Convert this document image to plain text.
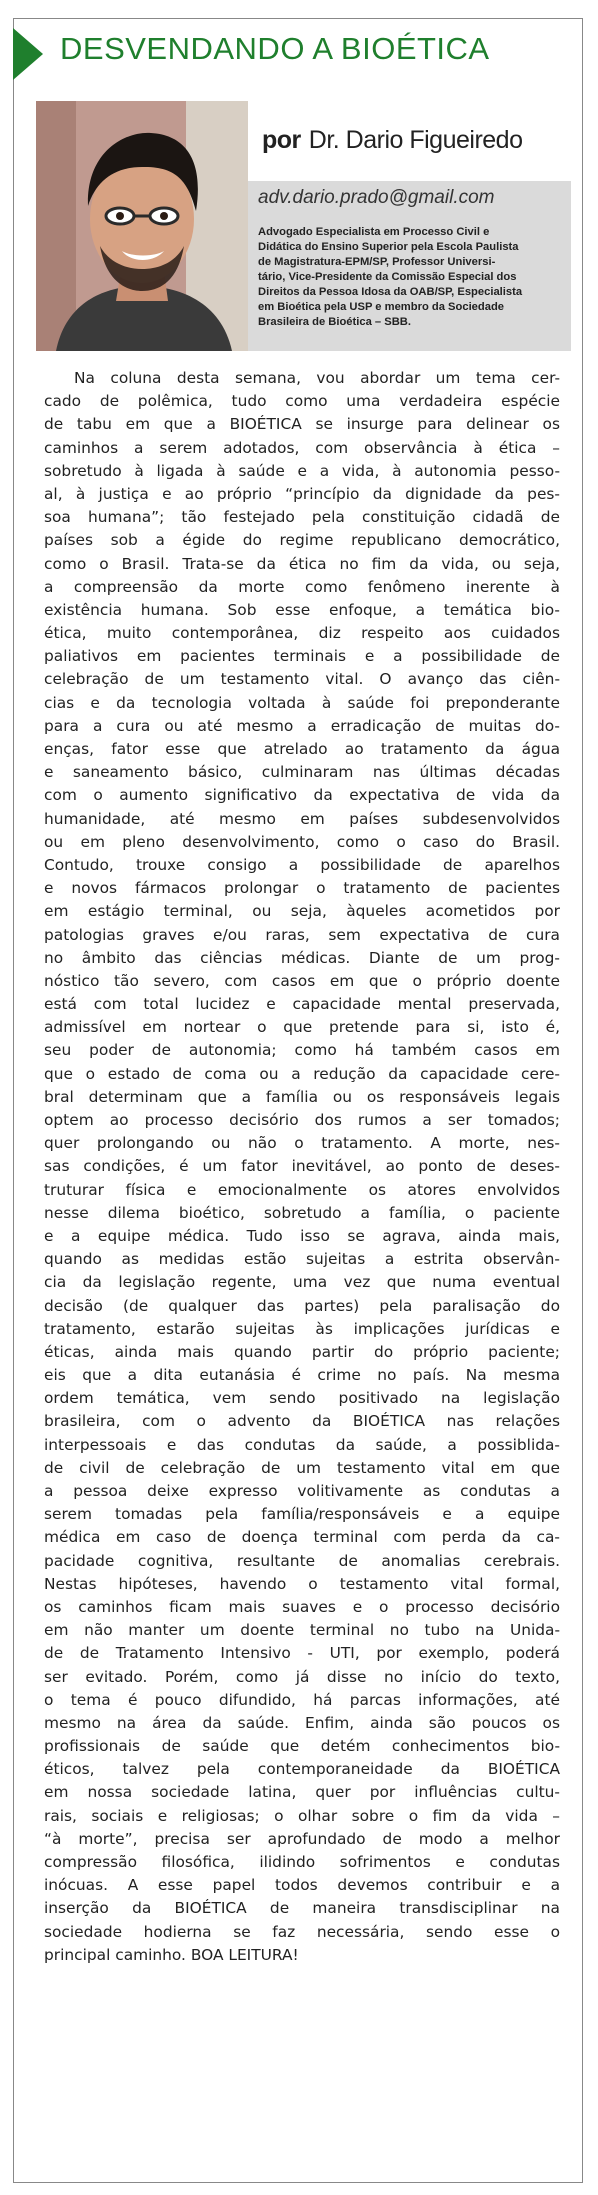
DESVENDANDO A BIOÉTICA
por Dr. Dario Figueiredo
adv.dario.prado@gmail.com

Advogado Especialista em Processo Civil e
Didática do Ensino Superior pela Escola Paulista
de Magistratura-EPM/SP, Professor Universi-
tário, Vice-Presidente da Comissão Especial dos
Direitos da Pessoa Idosa da OAB/SP, Especialista
em Bioética pela USP e membro da Sociedade
Brasileira de Bioética – SBB.

Na coluna desta semana, vou abordar um tema cer-
cado de polêmica, tudo como uma verdadeira espécie
de tabu em que a BIOÉTICA se insurge para delinear os
caminhos a serem adotados, com observância à ética –
sobretudo à ligada à saúde e a vida, à autonomia pesso-
al, à justiça e ao próprio “princípio da dignidade da pes-
soa humana”; tão festejado pela constituição cidadã de
países sob a égide do regime republicano democrático,
como o Brasil. Trata-se da ética no fim da vida, ou seja,
a compreensão da morte como fenômeno inerente à
existência humana. Sob esse enfoque, a temática bio-
ética, muito contemporânea, diz respeito aos cuidados
paliativos em pacientes terminais e a possibilidade de
celebração de um testamento vital. O avanço das ciên-
cias e da tecnologia voltada à saúde foi preponderante
para a cura ou até mesmo a erradicação de muitas do-
enças, fator esse que atrelado ao tratamento da água
e saneamento básico, culminaram nas últimas décadas
com o aumento significativo da expectativa de vida da
humanidade, até mesmo em países subdesenvolvidos
ou em pleno desenvolvimento, como o caso do Brasil.
Contudo, trouxe consigo a possibilidade de aparelhos
e novos fármacos prolongar o tratamento de pacientes
em estágio terminal, ou seja, àqueles acometidos por
patologias graves e/ou raras, sem expectativa de cura
no âmbito das ciências médicas. Diante de um prog-
nóstico tão severo, com casos em que o próprio doente
está com total lucidez e capacidade mental preservada,
admissível em nortear o que pretende para si, isto é,
seu poder de autonomia; como há também casos em
que o estado de coma ou a redução da capacidade cere-
bral determinam que a família ou os responsáveis legais
optem ao processo decisório dos rumos a ser tomados;
quer prolongando ou não o tratamento. A morte, nes-
sas condições, é um fator inevitável, ao ponto de deses-
truturar física e emocionalmente os atores envolvidos
nesse dilema bioético, sobretudo a família, o paciente
e a equipe médica. Tudo isso se agrava, ainda mais,
quando as medidas estão sujeitas a estrita observân-
cia da legislação regente, uma vez que numa eventual
decisão (de qualquer das partes) pela paralisação do
tratamento, estarão sujeitas às implicações jurídicas e
éticas, ainda mais quando partir do próprio paciente;
eis que a dita eutanásia é crime no país. Na mesma
ordem temática, vem sendo positivado na legislação
brasileira, com o advento da BIOÉTICA nas relações
interpessoais e das condutas da saúde, a possiblida-
de civil de celebração de um testamento vital em que
a pessoa deixe expresso volitivamente as condutas a
serem tomadas pela família/responsáveis e a equipe
médica em caso de doença terminal com perda da ca-
pacidade cognitiva, resultante de anomalias cerebrais.
Nestas hipóteses, havendo o testamento vital formal,
os caminhos ficam mais suaves e o processo decisório
em não manter um doente terminal no tubo na Unida-
de de Tratamento Intensivo - UTI, por exemplo, poderá
ser evitado. Porém, como já disse no início do texto,
o tema é pouco difundido, há parcas informações, até
mesmo na área da saúde. Enfim, ainda são poucos os
profissionais de saúde que detém conhecimentos bio-
éticos, talvez pela contemporaneidade da BIOÉTICA
em nossa sociedade latina, quer por influências cultu-
rais, sociais e religiosas; o olhar sobre o fim da vida –
“à morte”, precisa ser aprofundado de modo a melhor
compressão filosófica, ilidindo sofrimentos e condutas
inócuas. A esse papel todos devemos contribuir e a
inserção da BIOÉTICA de maneira transdisciplinar na
sociedade hodierna se faz necessária, sendo esse o
principal caminho. BOA LEITURA!
